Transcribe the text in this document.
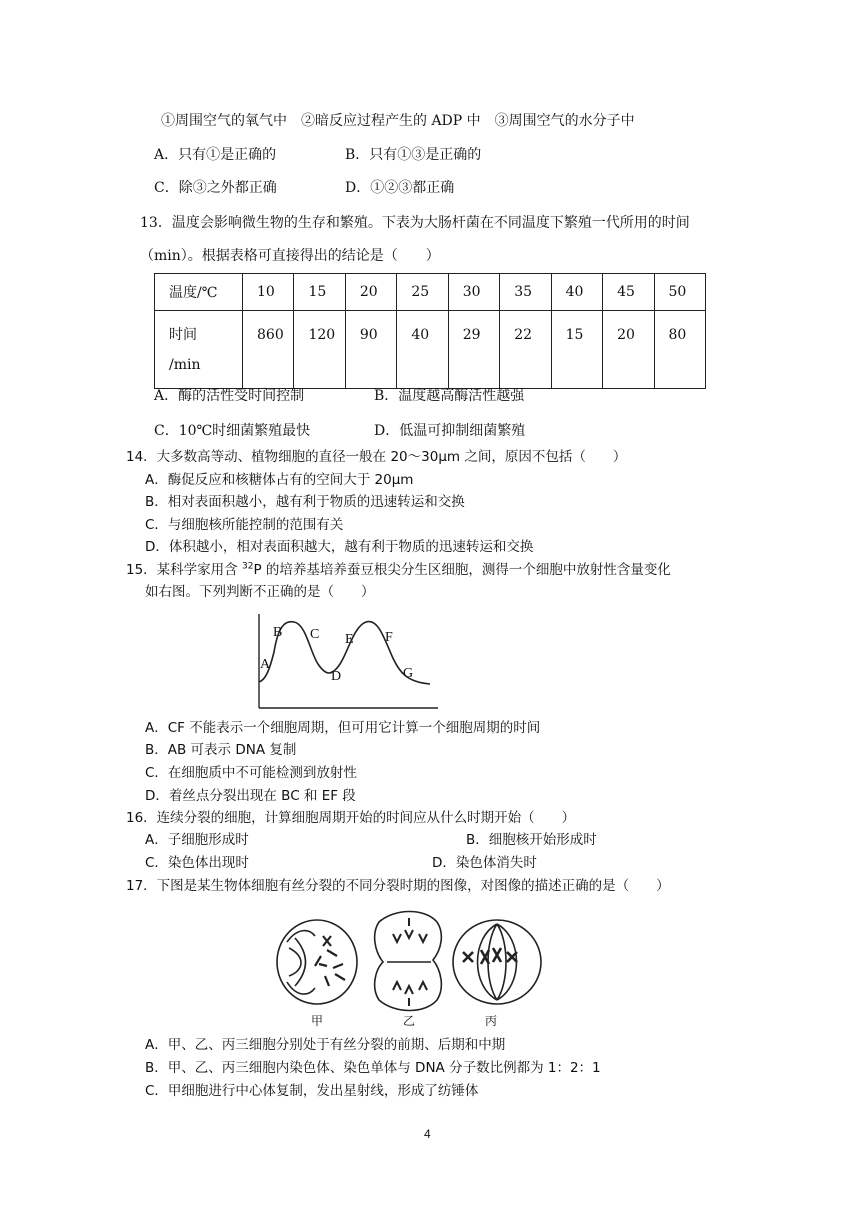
①周围空气的氧气中　②暗反应过程产生的 ADP 中　③周围空气的水分子中
A．只有①是正确的	B．只有①③是正确的
C．除③之外都正确	D．①②③都正确
13．温度会影响微生物的生存和繁殖。下表为大肠杆菌在不同温度下繁殖一代所用的时间
（min）。根据表格可直接得出的结论是（　　）
温度/℃	10	15	20	25	30	35	40	45	50
时间
/min	860	120	90	40	29	22	15	20	80
A．酶的活性受时间控制	B．温度越高酶活性越强
C．10℃时细菌繁殖最快	D．低温可抑制细菌繁殖
14．大多数高等动、植物细胞的直径一般在 20～30μm 之间，原因不包括（　　）
A．酶促反应和核糖体占有的空间大于 20μm
B．相对表面积越小，越有利于物质的迅速转运和交换
C．与细胞核所能控制的范围有关
D．体积越小，相对表面积越大，越有利于物质的迅速转运和交换
15．某科学家用含 $^{32}$P 的培养基培养蚕豆根尖分生区细胞，测得一个细胞中放射性含量变化
如右图。下列判断不正确的是（　　）
A
B C
D
E F
G
A．CF 不能表示一个细胞周期，但可用它计算一个细胞周期的时间
B．AB 可表示 DNA 复制
C．在细胞质中不可能检测到放射性
D．着丝点分裂出现在 BC 和 EF 段
16．连续分裂的细胞，计算细胞周期开始的时间应从什么时期开始（　　）
A．子细胞形成时	B．细胞核开始形成时
C．染色体出现时	D．染色体消失时
17．下图是某生物体细胞有丝分裂的不同分裂时期的图像，对图像的描述正确的是（　　）
甲	乙	丙
A．甲、乙、丙三细胞分别处于有丝分裂的前期、后期和中期
B．甲、乙、丙三细胞内染色体、染色单体与 DNA 分子数比例都为 1：2：1
C．甲细胞进行中心体复制，发出星射线，形成了纺锤体
4
